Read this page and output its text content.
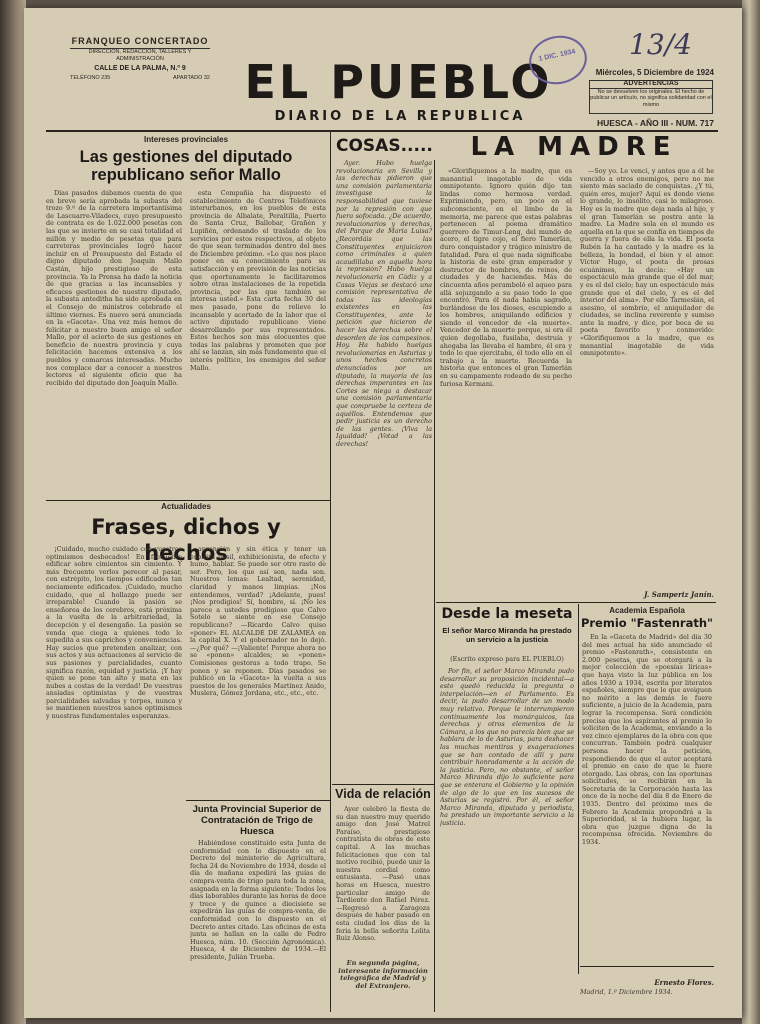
FRANQUEO CONCERTADO
DIRECCIÓN, REDACCIÓN, TALLERES Y ADMINISTRACIÓN
CALLE DE LA PALMA, N.º 9
TELÉFONO 235	APARTADO 32 EL PUEBLO
DIARIO DE LA REPUBLICA
1 DIC. 1934 13/4
Miércoles, 5 Diciembre de 1924
ADVERTENCIAS
No se devuelven los originales. El hecho de publicar un artículo, no significa solidaridad con el mismo
HUESCA - AÑO III - NUM. 717
Intereses provinciales
Las gestiones del diputado republicano señor Mallo

Días pasados dábamos cuenta de que en breve sería aprobada la subasta del trozo 9.º de la carretera importantísima de Lascuarre-Viladecs, cuyo presupuesto de contrata es de 1.022.000 pesetas con las que se invierte en su casi totalidad el millón y medio de pesetas que para carreteras provinciales logró hacer incluir en el Presupuesto del Estado el digno diputado don Joaquín Mallo Castán, hijo prestigioso de esta provincia. Ya la Prensa ha dado la noticia de que gracias a las incansables y eficaces gestiones de nuestro diputado, la subasta anteditha ha sido aprobada en el Consejo de ministros celebrado el último viernes. Es nuevo será anunciada en la «Gaceta». Una vez más hemos de felicitar a nuestro buen amigo el señor Mallo, por el acierto de sus gestiones en beneficio de nuestra provincia y cuya felicitación hacemos extensiva a los pueblos y comarcas interesadas. Mucho nos complace dar a conocer a nuestros lectores el siguiente oficio que ha recibido del diputado don Joaquín Mallo.

esta Compañía ha dispuesto el establecimiento de Centros Telefónicos interurbanos, en los pueblos de esta provincia de Albalate, Peraltilla, Puerto de Santa Cruz, Ballobar, Grañén y Lupiñén, ordenando el traslado de los servicios por estos respectivos, al objeto de que sean terminados dentro del mes de Diciembre próximo. «Lo que nos place poner en su conocimiento para su satisfacción y en previsión de las noticias que oportunamente le facilitaremos sobre otras instalaciones de la repetida provincia, por las que también se interesa usted.» Esta carta fecha 30 del mes pasado, pone de relieve lo incansable y acertado de la labor que el activo diputado republicano viene desarrollando por sus representados. Estos hechos son más elocuentes que todas las palabras y prometen que por ahí se lanzan, sin más fundamento que el interés político, los enemigos del señor Mallo.

Actualidades
Frases, dichos y hechos

¡Cuidado, mucho cuidado con vuestros optimismos desbocados! En frecuente edificar sobre cimientos sin cimiento. Y más frecuente verlos perecer al pasar, con estrépito, los tiempos edificados tan neciamente edificados. ¡Cuidado, mucho cuidado, que al hollazgo puede ser irreparable! Cuando la pasión se enseñorea de los cerebros, está próxima a la vuelta de la arbitrariedad, la decepción y el desengaño. La pasión se venda que ciega a quienes todo lo supedita a sus caprichos y conveniencias. Hay sucios que pretenden analizar, con sus actos y sus actuaciones al servicio de sus pasiones y parcialidades, cuanto significa razón, equidad y justicia. ¡Y hay quien se pone tan alto y mata en las nubes a costas de la verdad! De vuestras ansiadas optimistas y de vuestras parcialidades salvadas y torpes, nunca y se mantienen nuestros sanos optimismos y nuestras fundamentales esperanzas.

aprensión y sin ética y tener un espíritu pusil, exhibicionista, de efecto y humo, hablar. Se puede ser otro rasto de ser. Pero, los que así son, nada son. Nuestros lemas: Lealtad, serenidad, claridad y manos limpias. ¡Nos entendemos, verdad? ¡Adelante, pues! ¡Nos prodigios! Sí, hombre, sí. ¡No les parece a ustedes prodigioso que Calvo Sotelo se siente en ese Consejo republicano? —Ricardo Calvo quiso «poner» EL ALCALDE DE ZALAMEA en la capital X. Y el gobernador no lo dejó. —¿Por qué? —¡Valiente! Porque ahora no se «ponen» alcaldes; se «ponen» Comisiones gestoras a todo trapo. Se ponen y se reponen. Días pasados se publicó en la «Gaceta» la vuelta a sus puestos de los generales Martínez Anido, Muslera, Gómez Jordana, etc., etc., etc.

Junta Provincial Superior de Contratación de Trigo de Huesca

Habiéndose constituido esta Junta de conformidad con lo dispuesto en el Decreto del ministerio de Agricultura, fecha 24 de Noviembre de 1934, desde el día de mañana expedirá las guías de compra-venta de trigo para toda la zona, asignada en la forma siguiente: Todos los días laborables durante las horas de doce y trece y de quince a diecisiete se expedirán las guías de compra-venta, de conformidad con lo dispuesto en el Decreto antes citado. Las oficinas de esta junta se hallan en la calle de Pedro Huesca, núm. 10. (Sección Agronómica). Huesca, 4 de Diciembre de 1934.—El presidente, Julián Trueba.

COSAS.....

Ayer. Hubo huelga revolucionaria en Sevilla y las derechas pidieron que una comisión parlamentaria investigase la responsabilidad que tuviese por la represión con que fuera sofocada. ¿De acuerdo, revolucionarios y derechas, del Parque de María Luisa? ¿Recordáis que las Constituyentes enjuiciaron como criminales a quien acaudillaba en aquella hora la represión? Hubo huelga revolucionaria en Cádiz y a Casas Viejas se destacó una comisión representativa de todas las ideologías existentes en las Constituyentes, ante la petición que hicieron de hacer las derechas sobre el desorden de los campesinos. Hoy. Ha habido huelgas revolucionarias en Asturias y unos hechos concretos denunciados por un diputado, la mayoría de las derechas imperantes en las Cortes se niega a destacar una comisión parlamentaria que compruebe la certeza de aquéllos. Entendemos que pedir justicia es un derecho de las gentes. ¡Viva la Igualdad! ¡Votad a las derechas!

LA MADRE

«Glorifiquemos a la madre, que es manantial inagotable de vida omnipotente. Ignoro quién dijo tan lindas como hermosa verdad. Exprimiendo, pero, un poco en el subconsciente, en el limbo de la memoria, me parece que estas palabras pertenecen al poema dramático guerrero de Timur-Leng, del mundo de acero, el tigre cojo, el fiero Tamerlán, duro conquistador y trágico ministro de fatalidad. Para el que nada significaba la historia de este gran emperador y destructor de hombres, de reinos, de ciudades y de haciendas. Más de cincuenta años peramboló el aqueo para allá sojuzgando a su paso todo lo que encontró. Para él nada había sagrado, burlándose de los dioses, escupiendo a los hombres, aniquilando edificios y siendo el vencedor de «la muerte». Vencedor de la muerte porque, si era él quien degollaba, fusilaba, destruía y ahogaba las llevaba el hambre, él era y todo lo que ejercitaba, él todo ello en el trabajo a la muerte. Recuerda la historia que entonces el gran Tamerlán en su campamento rodeado de su pecho furiosa Kermani.

—Soy yo. Le vencí, y antes que a él he vencido a otros enemigos, pero no me siento más saciado de conquistas. ¿Y tú, quién eres, mujer? Aquí es donde viene lo grande, lo insólito, casi lo milagroso. Hoy es la madre que deja nada al hijo, y el gran Tamerlán se postra ante la madre. La Madre sola en el mundo es aquella en la que se confía en tiempos de guerra y fuera de ella la vida. El poeta Rubén la ha cantado y la madre es la belleza, la bondad, el bien y el amor. Víctor Hugo, el poeta de prosas ecuánimes, la decía: «Hay un espectáculo más grande que el del mar, y es el del cielo; hay un espectáculo más grande que el del cielo, y es el del interior del alma». Por ello Tarmeslán, el asesino, el sombrío, el aniquilador de ciudades, se inclina reverente y sumiso ante la madre, y dice, por boca de su poeta favorito y conmovido: «Glorifiquemos a la madre, que es manantial inagotable de vida omnipotente».

J. Samperiz Janín.
Vida de relación

Ayer celebró la fiesta de su dan nuestro muy querido amigo don José Matrel Paraíso, prestigioso contratista de obras de este capital. A las muchas felicitaciones que con tal motivo recibió, puede unir la nuestra cordial como entusiasta. —Pasó unas horas en Huesca, nuestro particular amigo de Tardiente don Rafael Pérez. —Regresó a Zaragoza después de haber pasado en esta ciudad los días de la feria la bella señorita Lolita Ruiz Alonso.

En segunda página, interesante información telegráfica de Madrid y del Extranjero.
Desde la meseta
El señor Marco Miranda ha prestado un servicio a la justicia
(Escrito expreso para EL PUEBLO)

Por fin, el señor Marco Miranda pudo desarrollar su proposición incidental—a esto quedó reducida la pregunta o interpelación—en el Parlamento. Es decir, la pudo desarrollar de un modo muy relativo. Porque le interrumpieron continuamente los monárquicos, las derechas y otros elementos de la Cámara, a los que no parecía bien que se hablara de lo de Asturias, para deshacer las muchas mentiras y exageraciones que se han contado de allí y para contribuir honradamente a la acción de la justicia. Pero, no obstante, el señor Marco Miranda dijo lo suficiente para que se enterara el Gobierno y la opinión de algo de lo que en los sucesos de Asturias se registró. Por él, el señor Marco Miranda, diputado y periodista, ha prestado un importante servicio a la justicia.

Ernesto Flores.
Madrid, 1.º Diciembre 1934.
Academia Española
Premio "Fastenrath"

En la «Gaceta de Madrid» del día 30 del mes actual ha sido anunciado el premio «Fastenrath», consistente en 2.000 pesetas, que se otorgará a la mejor colección de «poesías líricas» que haya visto la luz pública en los años 1930 a 1934, escrita por literatos españoles, siempre que le que aveiguen no mérito a las demás le fuere suficiente, a juicio de la Academia, para lograr la recompensa. Será condición precisa que los aspirantes al premio lo soliciten de la Academia, enviando a la vez cinco ejemplares de la obra con que concurran. También podrá cualquier persona hacer la petición, respondiendo de que el autor aceptará el premio en caso de que le fuere otorgado. Las obras, con las oportunas solicitudes, se recibirán en la Secretaría de la Corporación hasta las once de la noche del día 8 de Enero de 1935. Dentro del próximo mes de Febrero la Academia propondrá a la Superioridad, si la hubiera lugar, la obra que juzgue digna de la recompensa ofrecida. Noviembre de 1934.
